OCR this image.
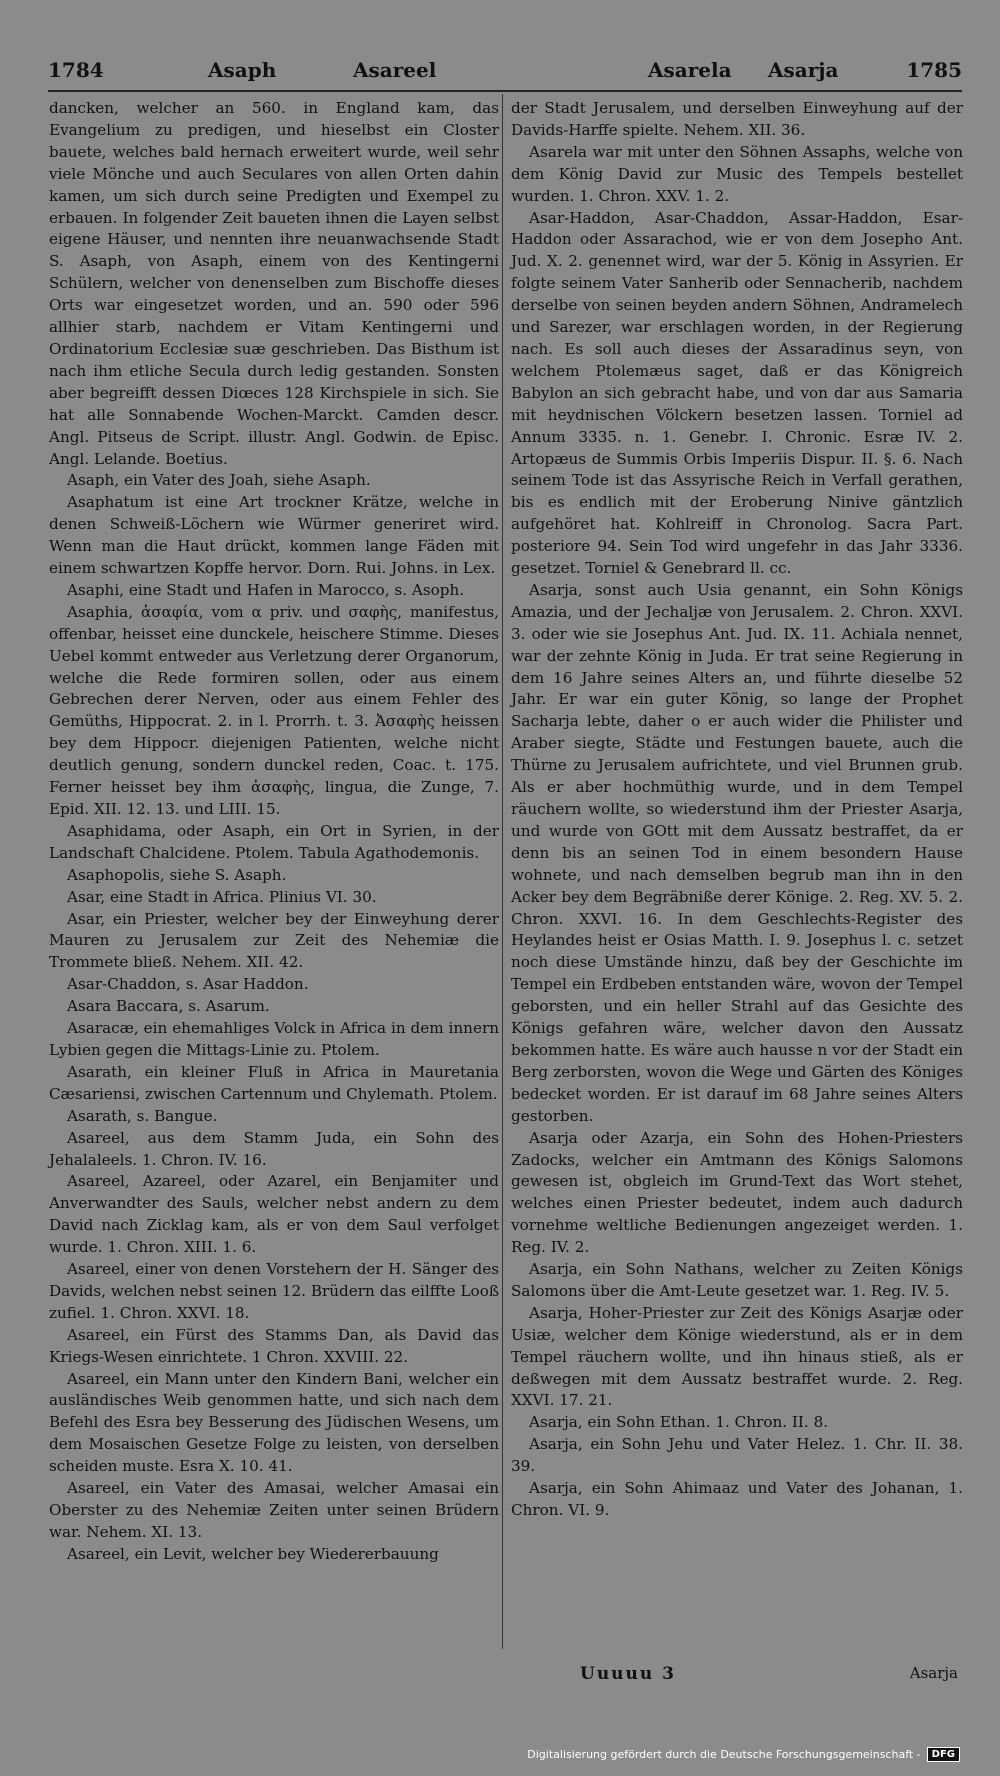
1784	Asaph	Asareel	Asarela Asarja	1785

dancken, welcher an 560. in England kam, das Evangelium zu predigen, und hieselbst ein Closter bauete, welches bald hernach erweitert wurde, weil sehr viele Mönche und auch Seculares von allen Orten dahin kamen, um sich durch seine Predigten und Exempel zu erbauen. In folgender Zeit baueten ihnen die Layen selbst eigene Häuser, und nennten ihre neuanwachsende Stadt S. Asaph, von Asaph, einem von des Kentingerni Schülern, welcher von denenselben zum Bischoffe dieses Orts war eingesetzet worden, und an. 590 oder 596 allhier starb, nachdem er Vitam Kentingerni und Ordinatorium Ecclesiæ suæ geschrieben. Das Bisthum ist nach ihm etliche Secula durch ledig gestanden. Sonsten aber begreifft dessen Diœces 128 Kirchspiele in sich. Sie hat alle Sonnabende Wochen-Marckt. Camden descr. Angl. Pitseus de Script. illustr. Angl. Godwin. de Episc. Angl. Lelande. Boetius.

Asaph, ein Vater des Joah, siehe Asaph.

Asaphatum ist eine Art trockner Krätze, welche in denen Schweiß-Löchern wie Würmer generiret wird. Wenn man die Haut drückt, kommen lange Fäden mit einem schwartzen Kopffe hervor. Dorn. Rui. Johns. in Lex.

Asaphi, eine Stadt und Hafen in Marocco, s. Asoph.

Asaphia, ἀσαφία, vom α priv. und σαφὴς, manifestus, offenbar, heisset eine dunckele, heischere Stimme. Dieses Uebel kommt entweder aus Verletzung derer Organorum, welche die Rede formiren sollen, oder aus einem Gebrechen derer Nerven, oder aus einem Fehler des Gemüths, Hippocrat. 2. in l. Prorrh. t. 3. Ἀσαφὴς heissen bey dem Hippocr. diejenigen Patienten, welche nicht deutlich genung, sondern dunckel reden, Coac. t. 175. Ferner heisset bey ihm ἀσαφὴς, lingua, die Zunge, 7. Epid. XII. 12. 13. und LIII. 15.

Asaphidama, oder Asaph, ein Ort in Syrien, in der Landschaft Chalcidene. Ptolem. Tabula Agathodemonis.

Asaphopolis, siehe S. Asaph.

Asar, eine Stadt in Africa. Plinius VI. 30.

Asar, ein Priester, welcher bey der Einweyhung derer Mauren zu Jerusalem zur Zeit des Nehemiæ die Trommete bließ. Nehem. XII. 42.

Asar-Chaddon, s. Asar Haddon.

Asara Baccara, s. Asarum.

Asaracæ, ein ehemahliges Volck in Africa in dem innern Lybien gegen die Mittags-Linie zu. Ptolem.

Asarath, ein kleiner Fluß in Africa in Mauretania Cæsariensi, zwischen Cartennum und Chylemath. Ptolem.

Asarath, s. Bangue.

Asareel, aus dem Stamm Juda, ein Sohn des Jehalaleels. 1. Chron. IV. 16.

Asareel, Azareel, oder Azarel, ein Benjamiter und Anverwandter des Sauls, welcher nebst andern zu dem David nach Zicklag kam, als er von dem Saul verfolget wurde. 1. Chron. XIII. 1. 6.

Asareel, einer von denen Vorstehern der H. Sänger des Davids, welchen nebst seinen 12. Brüdern das eilffte Looß zufiel. 1. Chron. XXVI. 18.

Asareel, ein Fürst des Stamms Dan, als David das Kriegs-Wesen einrichtete. 1 Chron. XXVIII. 22.

Asareel, ein Mann unter den Kindern Bani, welcher ein ausländisches Weib genommen hatte, und sich nach dem Befehl des Esra bey Besserung des Jüdischen Wesens, um dem Mosaischen Gesetze Folge zu leisten, von derselben scheiden muste. Esra X. 10. 41.

Asareel, ein Vater des Amasai, welcher Amasai ein Oberster zu des Nehemiæ Zeiten unter seinen Brüdern war. Nehem. XI. 13.

Asareel, ein Levit, welcher bey Wiedererbauung

der Stadt Jerusalem, und derselben Einweyhung auf der Davids-Harffe spielte. Nehem. XII. 36.

Asarela war mit unter den Söhnen Assaphs, welche von dem König David zur Music des Tempels bestellet wurden. 1. Chron. XXV. 1. 2.

Asar-Haddon, Asar-Chaddon, Assar-Haddon, Esar-Haddon oder Assarachod, wie er von dem Josepho Ant. Jud. X. 2. genennet wird, war der 5. König in Assyrien. Er folgte seinem Vater Sanherib oder Sennacherib, nachdem derselbe von seinen beyden andern Söhnen, Andramelech und Sarezer, war erschlagen worden, in der Regierung nach. Es soll auch dieses der Assaradinus seyn, von welchem Ptolemæus saget, daß er das Königreich Babylon an sich gebracht habe, und von dar aus Samaria mit heydnischen Völckern besetzen lassen. Torniel ad Annum 3335. n. 1. Genebr. I. Chronic. Esræ IV. 2. Artopæus de Summis Orbis Imperiis Dispur. II. §. 6. Nach seinem Tode ist das Assyrische Reich in Verfall gerathen, bis es endlich mit der Eroberung Ninive gäntzlich aufgehöret hat. Kohlreiff in Chronolog. Sacra Part. posteriore 94. Sein Tod wird ungefehr in das Jahr 3336. gesetzet. Torniel & Genebrard ll. cc.

Asarja, sonst auch Usia genannt, ein Sohn Königs Amazia, und der Jechaljæ von Jerusalem. 2. Chron. XXVI. 3. oder wie sie Josephus Ant. Jud. IX. 11. Achiala nennet, war der zehnte König in Juda. Er trat seine Regierung in dem 16 Jahre seines Alters an, und führte dieselbe 52 Jahr. Er war ein guter König, so lange der Prophet Sacharja lebte, daher o er auch wider die Philister und Araber siegte, Städte und Festungen bauete, auch die Thürne zu Jerusalem aufrichtete, und viel Brunnen grub. Als er aber hochmüthig wurde, und in dem Tempel räuchern wollte, so wiederstund ihm der Priester Asarja, und wurde von GOtt mit dem Aussatz bestraffet, da er denn bis an seinen Tod in einem besondern Hause wohnete, und nach demselben begrub man ihn in den Acker bey dem Begräbniße derer Könige. 2. Reg. XV. 5. 2. Chron. XXVI. 16. In dem Geschlechts-Register des Heylandes heist er Osias Matth. I. 9. Josephus l. c. setzet noch diese Umstände hinzu, daß bey der Geschichte im Tempel ein Erdbeben entstanden wäre, wovon der Tempel geborsten, und ein heller Strahl auf das Gesichte des Königs gefahren wäre, welcher davon den Aussatz bekommen hatte. Es wäre auch hausse n vor der Stadt ein Berg zerborsten, wovon die Wege und Gärten des Königes bedecket worden. Er ist darauf im 68 Jahre seines Alters gestorben.

Asarja oder Azarja, ein Sohn des Hohen-Priesters Zadocks, welcher ein Amtmann des Königs Salomons gewesen ist, obgleich im Grund-Text das Wort stehet, welches einen Priester bedeutet, indem auch dadurch vornehme weltliche Bedienungen angezeiget werden. 1. Reg. IV. 2.

Asarja, ein Sohn Nathans, welcher zu Zeiten Königs Salomons über die Amt-Leute gesetzet war. 1. Reg. IV. 5.

Asarja, Hoher-Priester zur Zeit des Königs Asarjæ oder Usiæ, welcher dem Könige wiederstund, als er in dem Tempel räuchern wollte, und ihn hinaus stieß, als er deßwegen mit dem Aussatz bestraffet wurde. 2. Reg. XXVI. 17. 21.

Asarja, ein Sohn Ethan. 1. Chron. II. 8.

Asarja, ein Sohn Jehu und Vater Helez. 1. Chr. II. 38. 39.

Asarja, ein Sohn Ahimaaz und Vater des Johanan, 1. Chron. VI. 9.

Uuuuu 3	Asarja
Digitalisierung gefördert durch die Deutsche Forschungsgemeinschaft -	DFG
